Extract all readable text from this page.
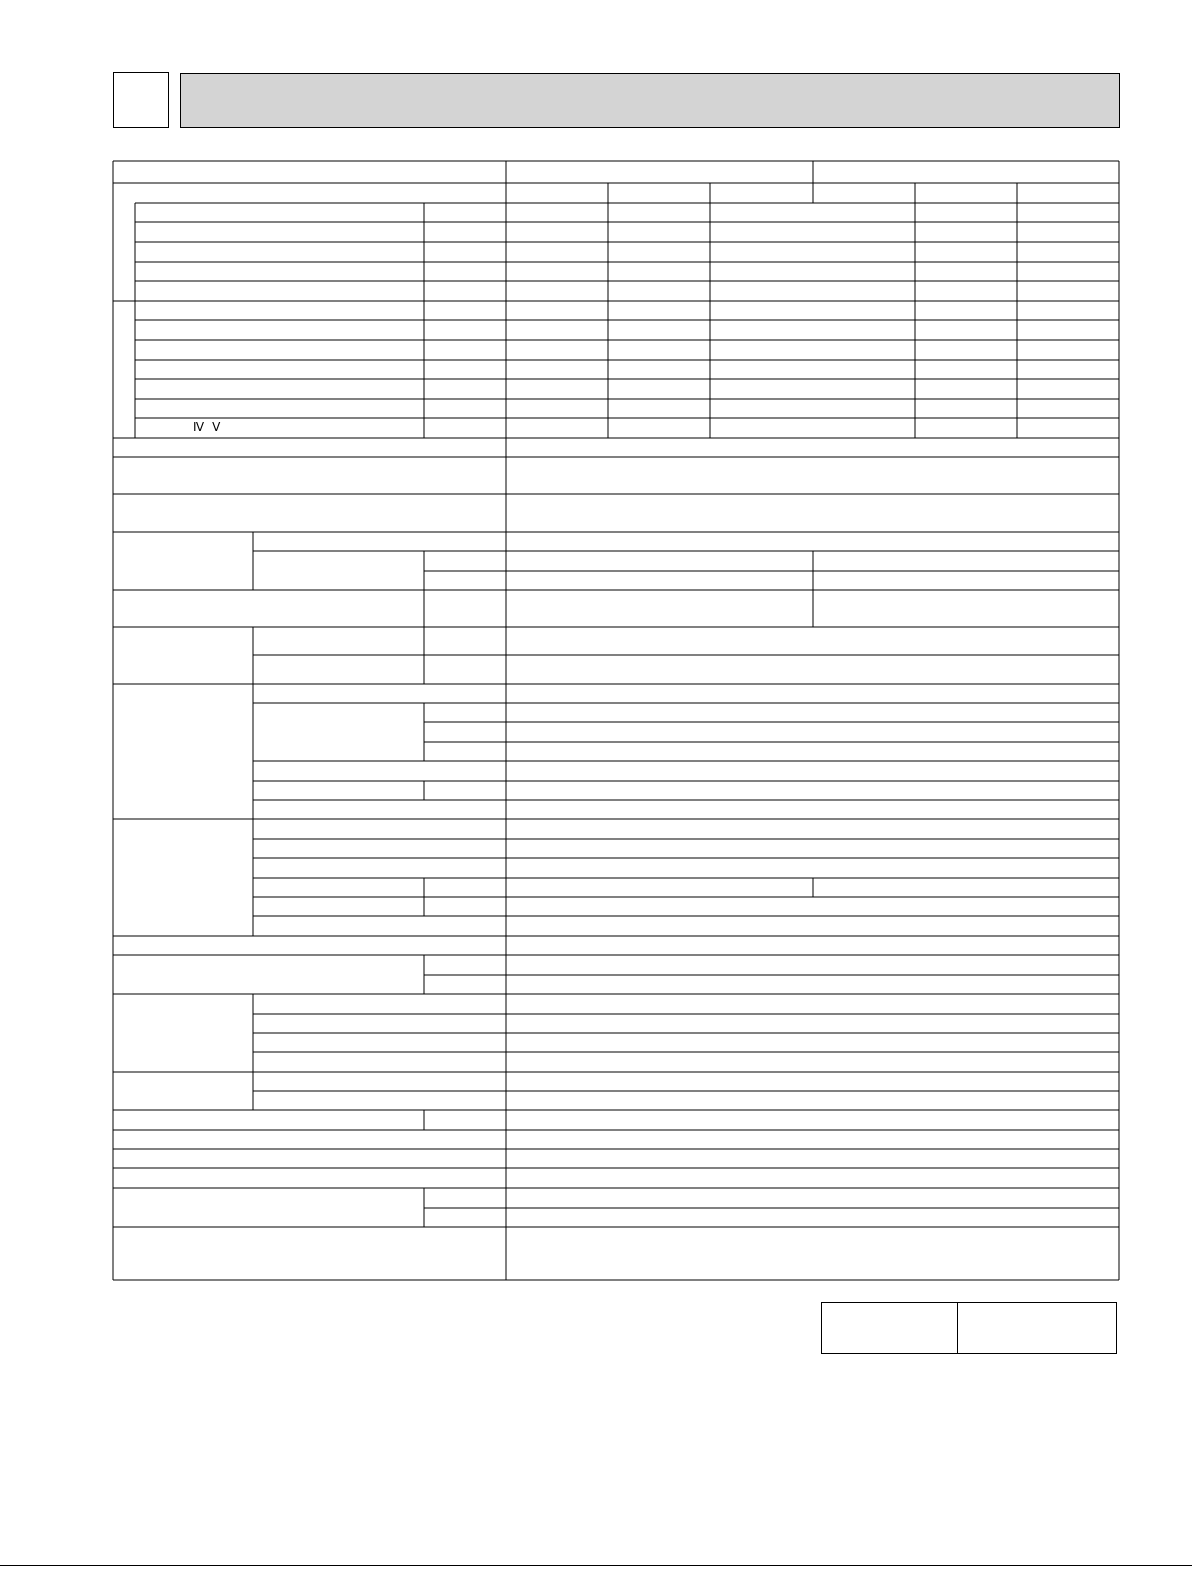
Ⅳ Ⅴ
